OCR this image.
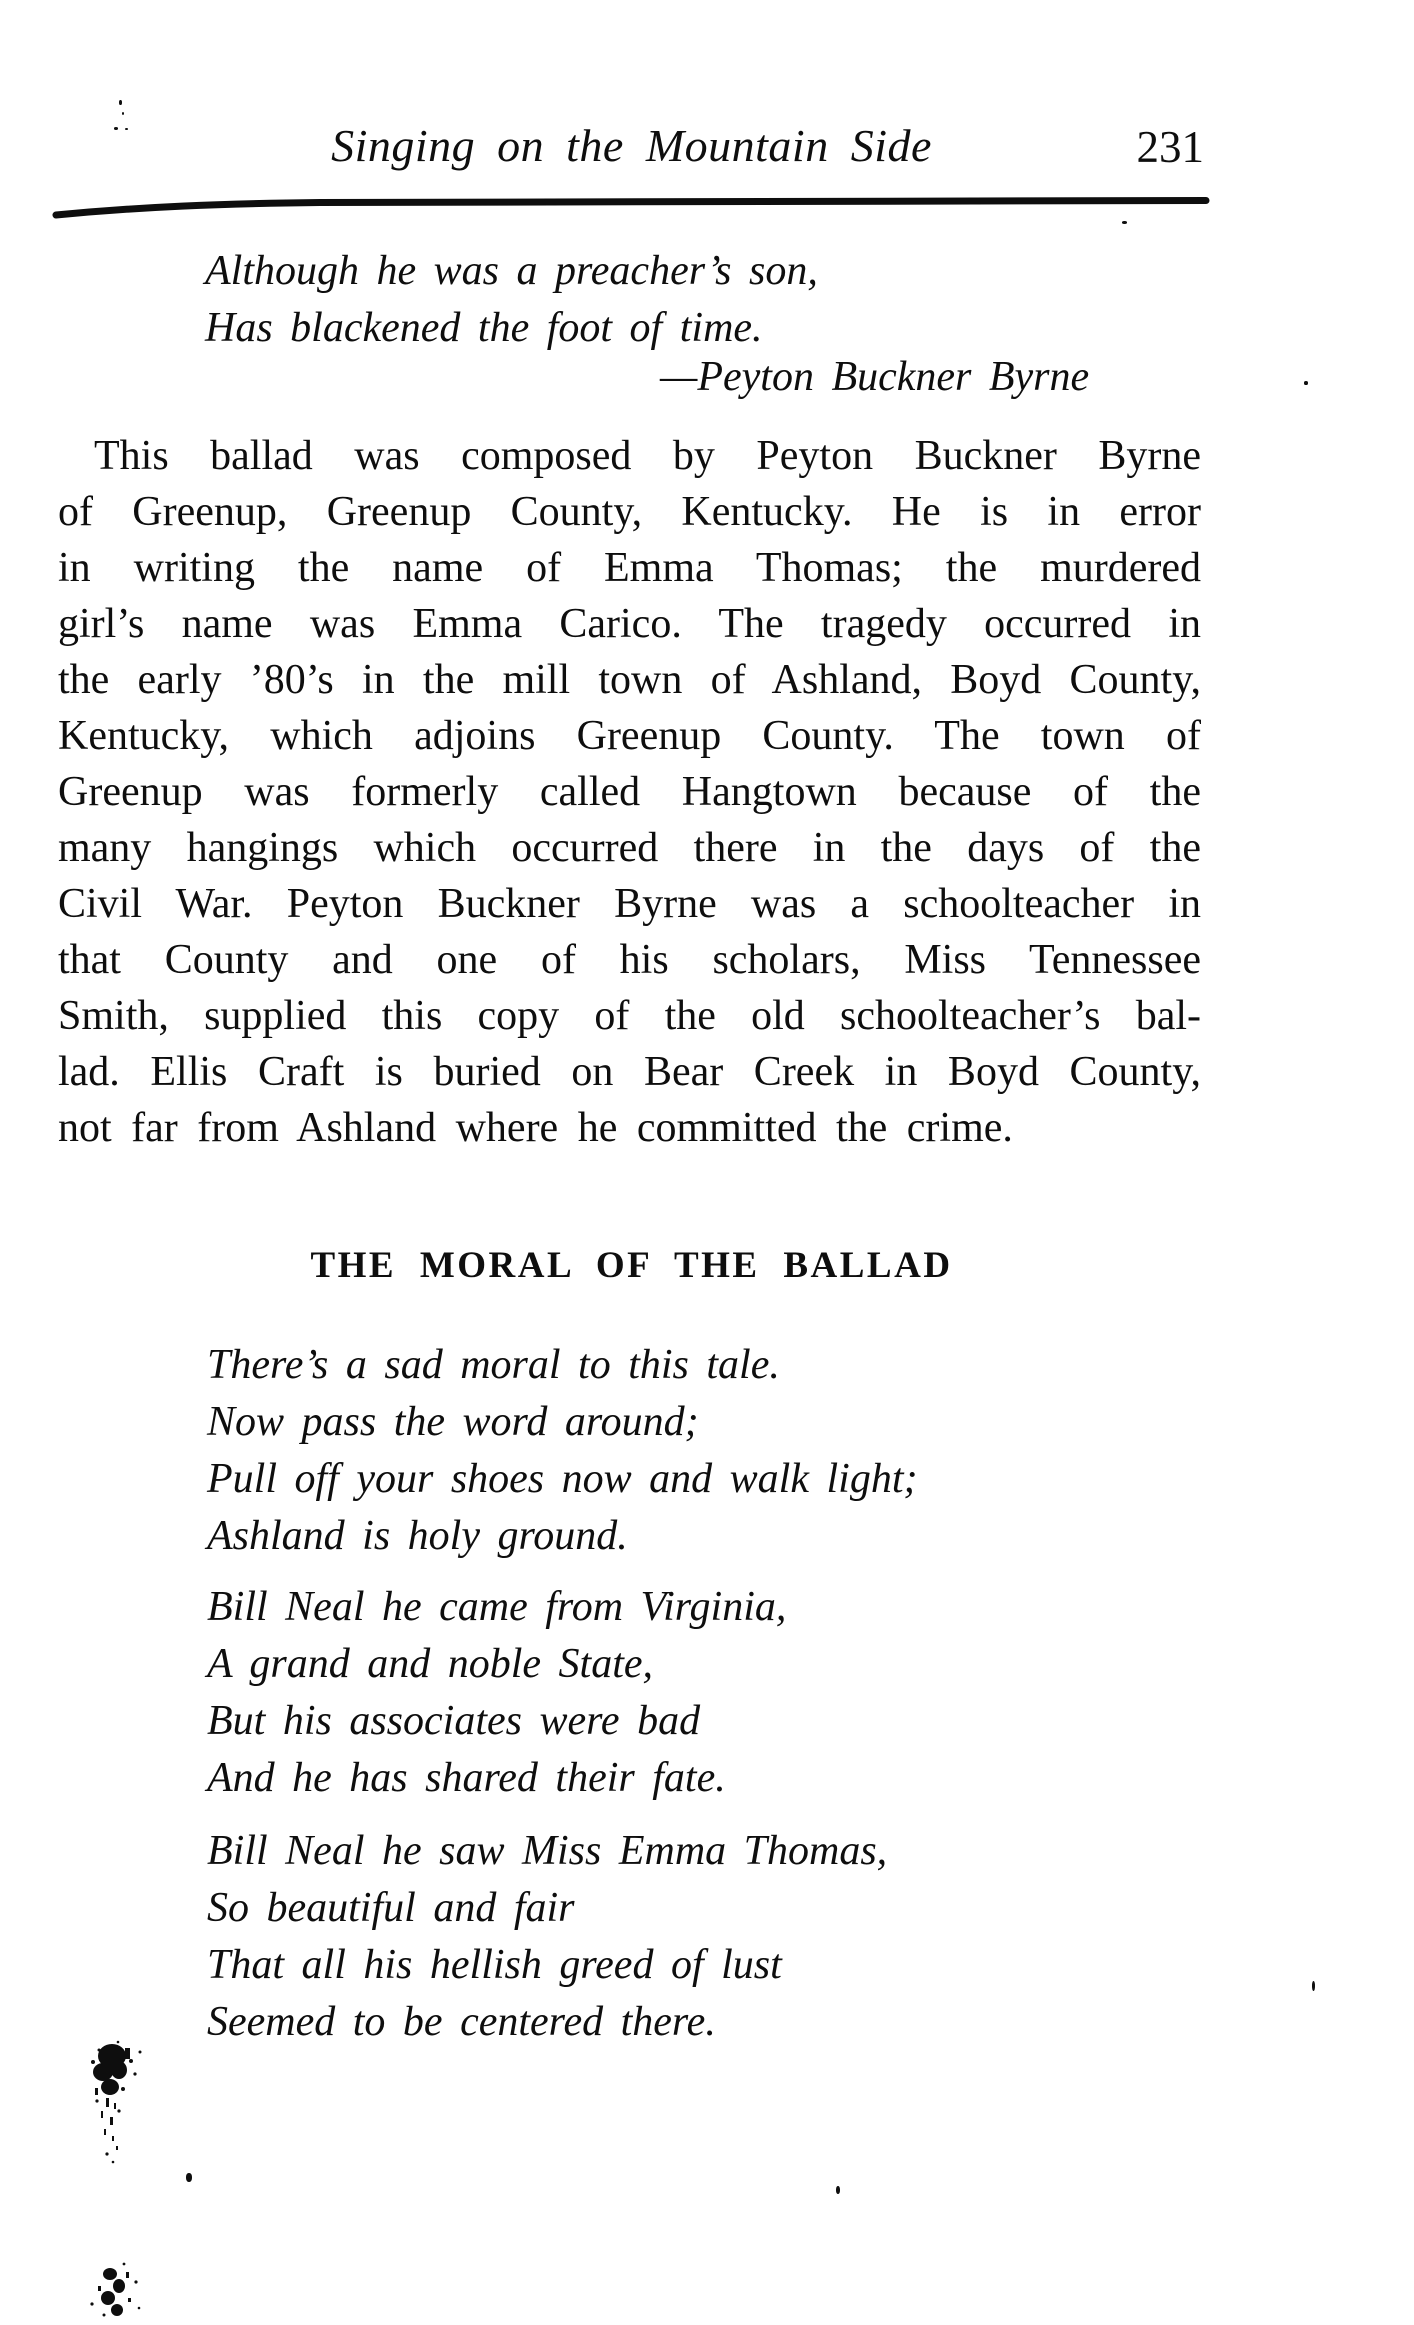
Singing on the Mountain Side	231
Although he was a preacher’s son,
Has blackened the foot of time.
—Peyton Buckner Byrne
This ballad was composed by Peyton Buckner Byrne
of Greenup, Greenup County, Kentucky. He is in error
in writing the name of Emma Thomas; the murdered
girl’s name was Emma Carico. The tragedy occurred in
the early ’80’s in the mill town of Ashland, Boyd County,
Kentucky, which adjoins Greenup County. The town of
Greenup was formerly called Hangtown because of the
many hangings which occurred there in the days of the
Civil War. Peyton Buckner Byrne was a schoolteacher in
that County and one of his scholars, Miss Tennessee
Smith, supplied this copy of the old schoolteacher’s bal-
lad. Ellis Craft is buried on Bear Creek in Boyd County,
not far from Ashland where he committed the crime.
THE MORAL OF THE BALLAD
There’s a sad moral to this tale.
Now pass the word around;
Pull off your shoes now and walk light;
Ashland is holy ground.
Bill Neal he came from Virginia,
A grand and noble State,
But his associates were bad
And he has shared their fate.
Bill Neal he saw Miss Emma Thomas,
So beautiful and fair
That all his hellish greed of lust
Seemed to be centered there.
